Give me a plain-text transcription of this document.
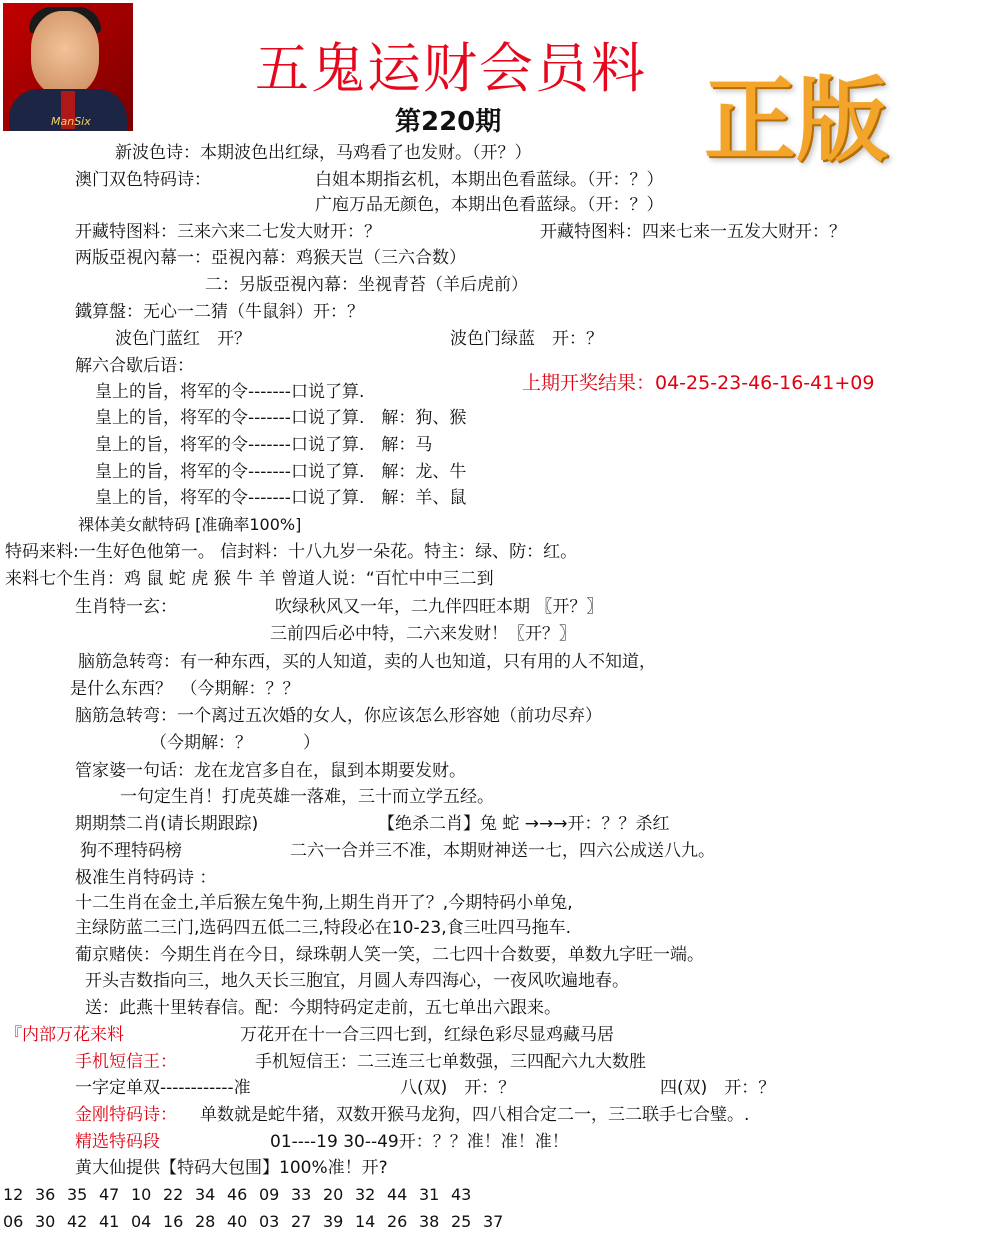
ManSix
五鬼运财会员料
第220期 正版
上期开奖结果：04-25-23-46-16-41+09
新波色诗：本期波色出红绿，马鸡看了也发财。（开？）
澳门双色特码诗：	白姐本期指玄机，本期出色看蓝绿。（开：？）
广庖万品无颜色，本期出色看蓝绿。（开：？）
开藏特图料：三来六来二七发大财开：？	开藏特图料：四来七来一五发大财开：？
两版亞視內幕一：亞視內幕：鸡猴天岂（三六合数）
二：另版亞視內幕：坐视青苔（羊后虎前）
鐵算盤：无心一二猜（牛鼠斜）开：？
波色门蓝红　开？	波色门绿蓝　开：？
解六合歇后语：
皇上的旨，将军的令-------口说了算.
皇上的旨，将军的令-------口说了算.　解：狗、猴
皇上的旨，将军的令-------口说了算.　解：马
皇上的旨，将军的令-------口说了算.　解：龙、牛
皇上的旨，将军的令-------口说了算.　解：羊、鼠
裸体美女献特码 [准确率100%]
特码来料:一生好色他第一。 信封料：十八九岁一朵花。特主：绿、防：红。
来料七个生肖：鸡 鼠 蛇 虎 猴 牛 羊 曾道人说：“百忙中中三二到
生肖特一玄：	吹绿秋风又一年，二九伴四旺本期 〖开？〗
三前四后必中特，二六来发财！〖开？〗
脑筋急转弯：有一种东西，买的人知道，卖的人也知道，只有用的人不知道，
是什么东西？　（今期解：？？
脑筋急转弯：一个离过五次婚的女人，你应该怎么形容她（前功尽弃）
（今期解：？　　　）
管家婆一句话：龙在龙宫多自在，鼠到本期要发财。
一句定生肖！打虎英雄一落难，三十而立学五经。
期期禁二肖(请长期跟踪)	【绝杀二肖】兔 蛇 →→→开：？？杀红
狗不理特码榜	二六一合并三不准，本期财神送一七，四六公成送八九。
极准生肖特码诗 ：
十二生肖在金土,羊后猴左兔牛狗,上期生肖开了？,今期特码小单兔,
主绿防蓝二三门,选码四五低二三,特段必在10-23,食三吐四马拖车.
葡京赌侠：今期生肖在今日，绿珠朝人笑一笑，二七四十合数要，单数九字旺一端。
开头吉数指向三，地久天长三胞宜，月圆人寿四海心，一夜风吹遍地春。
送：此燕十里转春信。配：今期特码定走前，五七单出六跟来。
『内部万花来料	万花开在十一合三四七到，红绿色彩尽显鸡藏马居
手机短信王：	手机短信王：二三连三七单数强，三四配六九大数胜
一字定单双------------准	八(双)　开：？	四(双)　开：？
金刚特码诗： 单数就是蛇牛猪，双数开猴马龙狗，四八相合定二一，三二联手七合璧。.
精选特码段	01----19 30--49开：？？准！准！准！
黄大仙提供【特码大包围】100%准！开?
12 36 35 47 10 22 34 46 09 33 20 32 44 31 43
06 30 42 41 04 16 28 40 03 27 39 14 26 38 25 37
